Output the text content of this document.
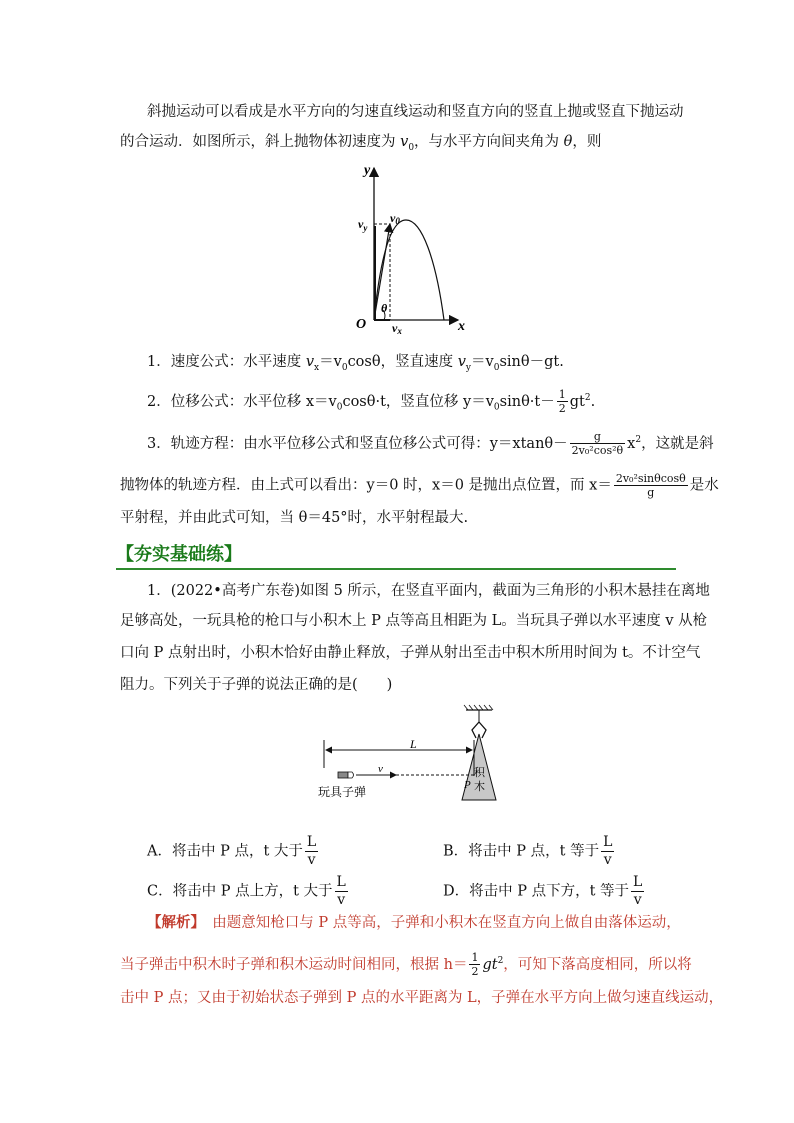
斜抛运动可以看成是水平方向的匀速直线运动和竖直方向的竖直上抛或竖直下抛运动
的合运动．如图所示，斜上抛物体初速度为 $v_0$，与水平方向间夹角为 θ，则
y
x
O
v0
$v_y$
vx
θ
1．速度公式：水平速度 $v_x=v_0\cos\theta$，竖直速度 $v_y=v_0\sin\theta-gt$.
2．位移公式：水平位移 $x=v_0\cos\theta\cdot t$，竖直位移 $y=v_0\sin\theta\cdot t- \frac{1}{2} gt^2$.
3．轨迹方程：由水平位移公式和竖直位移公式可得：$y=xtan\theta- \frac{g}{\text{2v₀²cos²θ}} x^2$，这就是斜
抛物体的轨迹方程．由上式可以看出：y＝0 时，x＝0 是抛出点位置，而 $x= \frac{\text{2v₀²sinθcosθ}}{g}$ 是水
平射程，并由此式可知，当 θ＝45°时，水平射程最大.
【夯实基础练】
1．(2022•高考广东卷)如图 5 所示，在竖直平面内，截面为三角形的小积木悬挂在离地
足够高处，一玩具枪的枪口与小积木上 P 点等高且相距为 L。当玩具子弹以水平速度 v 从枪
口向 P 点射出时，小积木恰好由静止释放，子弹从射出至击中积木所用时间为 t。不计空气
阻力。下列关于子弹的说法正确的是(　　)
L
v
P
玩具子弹
积
木
A．将击中 P 点，t 大于 $\frac{L}{v}$	B．将击中 P 点，t 等于 $\frac{L}{v}$
C．将击中 P 点上方，t 大于 $\frac{L}{v}$	D．将击中 P 点下方，t 等于 $\frac{L}{v}$
【解析】　由题意知枪口与 P 点等高，子弹和小积木在竖直方向上做自由落体运动，
当子弹击中积木时子弹和积木运动时间相同，根据 $h= \frac{1}{2} gt^2$，可知下落高度相同，所以将
击中 P 点；又由于初始状态子弹到 P 点的水平距离为 L，子弹在水平方向上做匀速直线运动，
